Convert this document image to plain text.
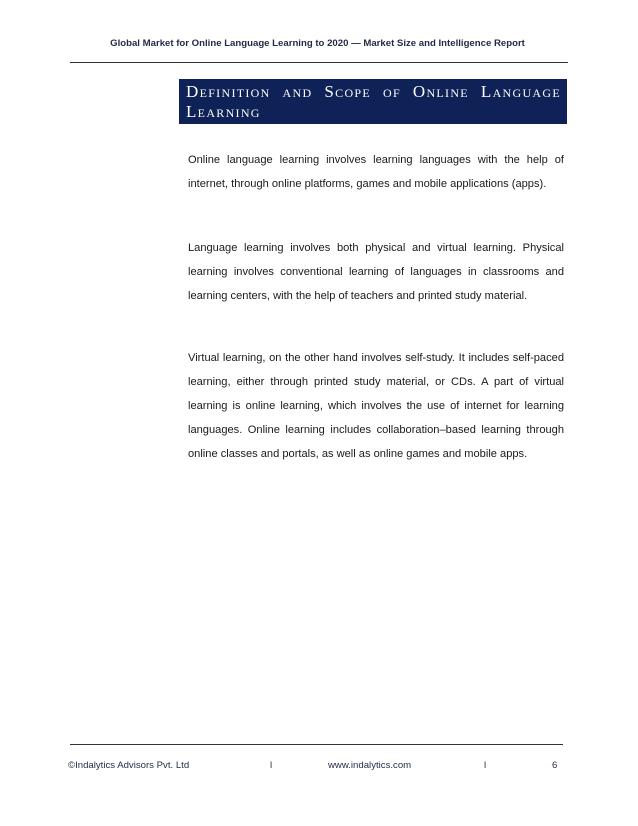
Global Market for Online Language Learning to 2020 — Market Size and Intelligence Report
Definition and Scope of Online Language Learning

Online language learning involves learning languages with the help of internet, through online platforms, games and mobile applications (apps).

Language learning involves both physical and virtual learning. Physical learning involves conventional learning of languages in classrooms and learning centers, with the help of teachers and printed study material.

Virtual learning, on the other hand involves self-study. It includes self-paced learning, either through printed study material, or CDs. A part of virtual learning is online learning, which involves the use of internet for learning languages. Online learning includes collaboration–based learning through online classes and portals, as well as online games and mobile apps.

©Indalytics Advisors Pvt. Ltd	l	www.indalytics.com	l	6
